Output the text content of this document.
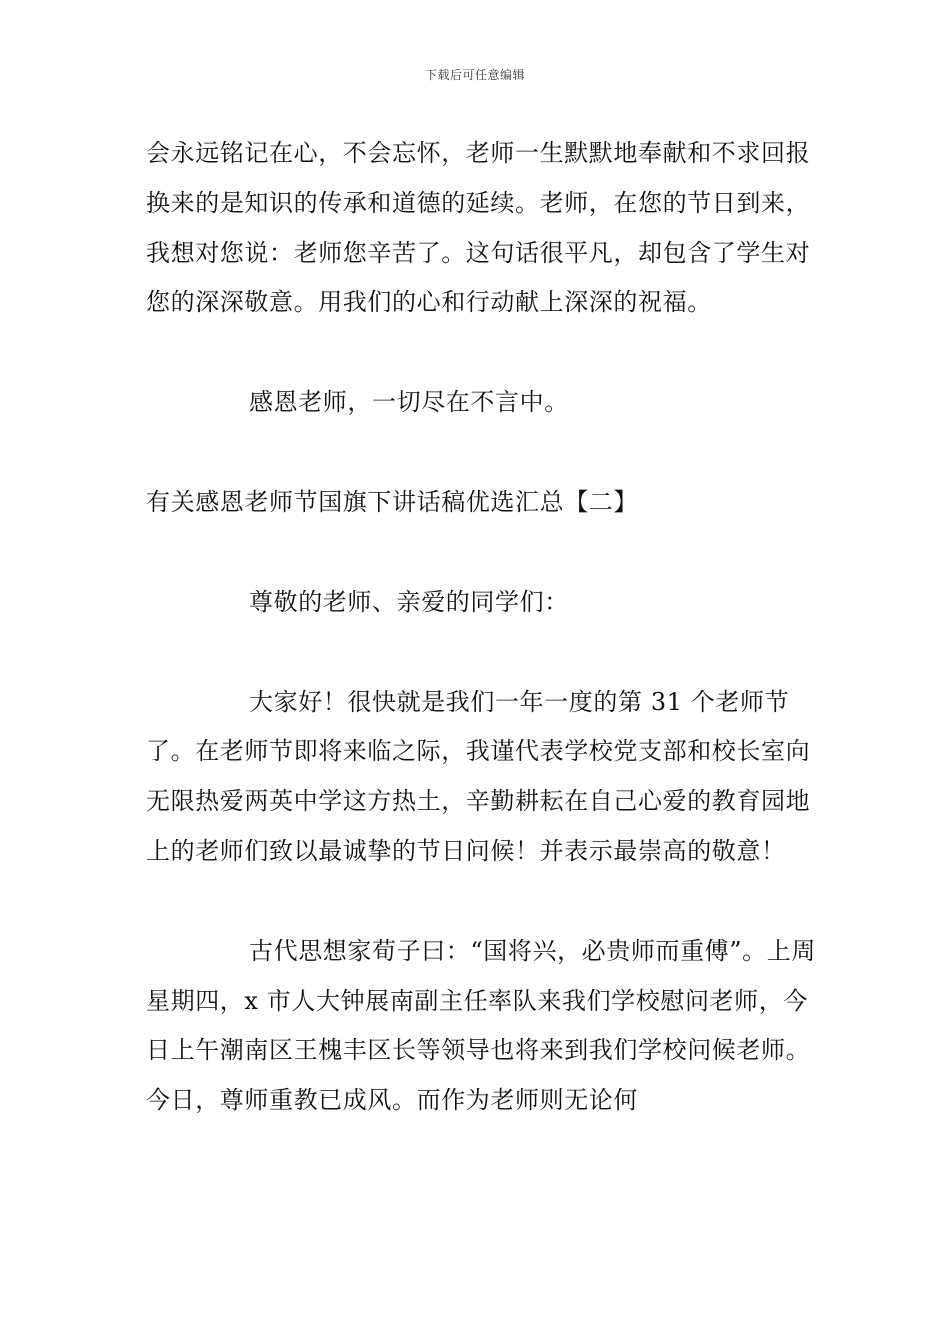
下载后可任意编辑

会永远铭记在心，不会忘怀，老师一生默默地奉献和不求回报换来的是知识的传承和道德的延续。老师，在您的节日到来，我想对您说：老师您辛苦了。这句话很平凡，却包含了学生对您的深深敬意。用我们的心和行动献上深深的祝福。

感恩老师，一切尽在不言中。

有关感恩老师节国旗下讲话稿优选汇总【二】

尊敬的老师、亲爱的同学们：

大家好！很快就是我们一年一度的第 31 个老师节了。在老师节即将来临之际，我谨代表学校党支部和校长室向无限热爱两英中学这方热土，辛勤耕耘在自己心爱的教育园地上的老师们致以最诚挚的节日问候！并表示最崇高的敬意！

古代思想家荀子曰：“国将兴，必贵师而重傅”。上周星期四，x 市人大钟展南副主任率队来我们学校慰问老师，今日上午潮南区王槐丰区长等领导也将来到我们学校问候老师。今日，尊师重教已成风。而作为老师则无论何
